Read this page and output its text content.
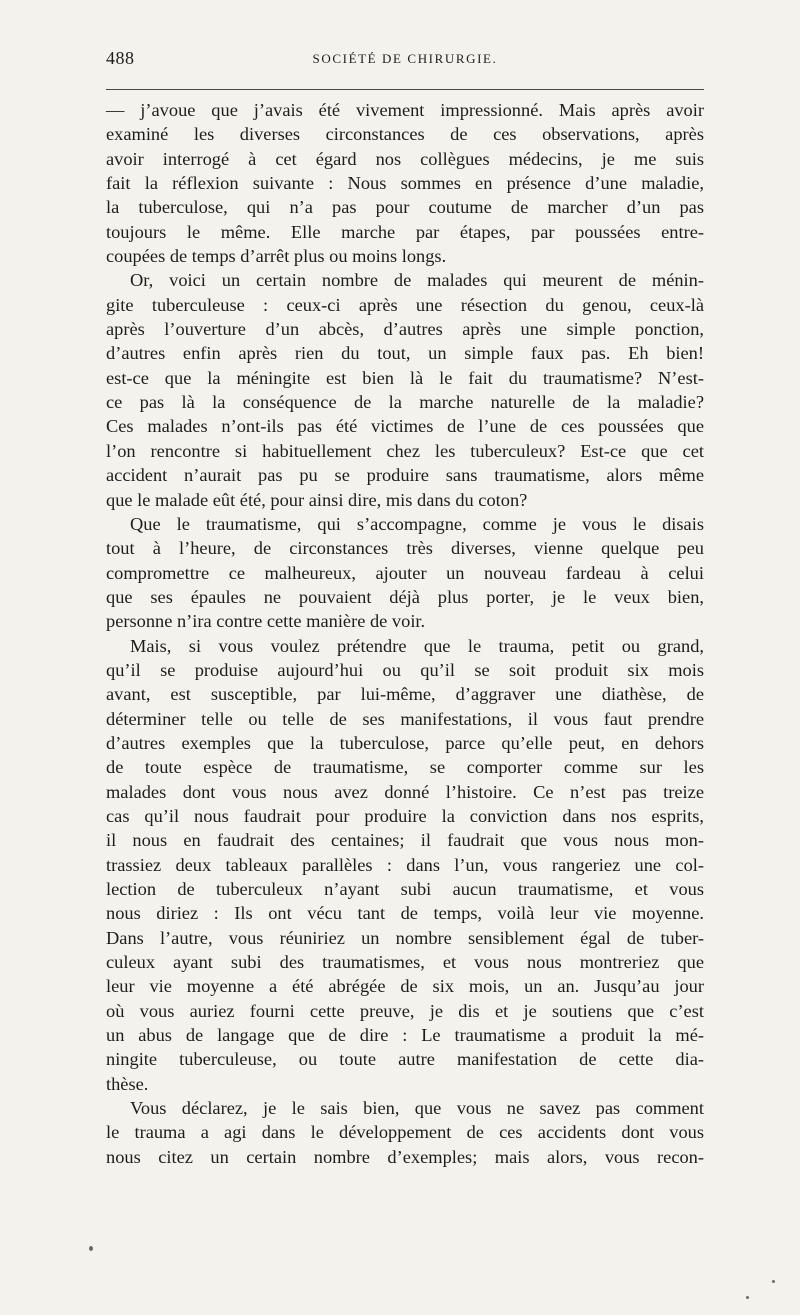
488	SOCIÉTÉ DE CHIRURGIE.
— j’avoue que j’avais été vivement impressionné. Mais après avoir
examiné les diverses circonstances de ces observations, après
avoir interrogé à cet égard nos collègues médecins, je me suis
fait la réflexion suivante : Nous sommes en présence d’une maladie,
la tuberculose, qui n’a pas pour coutume de marcher d’un pas
toujours le même. Elle marche par étapes, par poussées entre-
coupées de temps d’arrêt plus ou moins longs.
Or, voici un certain nombre de malades qui meurent de ménin-
gite tuberculeuse : ceux-ci après une résection du genou, ceux-là
après l’ouverture d’un abcès, d’autres après une simple ponction,
d’autres enfin après rien du tout, un simple faux pas. Eh bien!
est-ce que la méningite est bien là le fait du traumatisme? N’est-
ce pas là la conséquence de la marche naturelle de la maladie?
Ces malades n’ont-ils pas été victimes de l’une de ces poussées que
l’on rencontre si habituellement chez les tuberculeux? Est-ce que cet
accident n’aurait pas pu se produire sans traumatisme, alors même
que le malade eût été, pour ainsi dire, mis dans du coton?
Que le traumatisme, qui s’accompagne, comme je vous le disais
tout à l’heure, de circonstances très diverses, vienne quelque peu
compromettre ce malheureux, ajouter un nouveau fardeau à celui
que ses épaules ne pouvaient déjà plus porter, je le veux bien,
personne n’ira contre cette manière de voir.
Mais, si vous voulez prétendre que le trauma, petit ou grand,
qu’il se produise aujourd’hui ou qu’il se soit produit six mois
avant, est susceptible, par lui-même, d’aggraver une diathèse, de
déterminer telle ou telle de ses manifestations, il vous faut prendre
d’autres exemples que la tuberculose, parce qu’elle peut, en dehors
de toute espèce de traumatisme, se comporter comme sur les
malades dont vous nous avez donné l’histoire. Ce n’est pas treize
cas qu’il nous faudrait pour produire la conviction dans nos esprits,
il nous en faudrait des centaines; il faudrait que vous nous mon-
trassiez deux tableaux parallèles : dans l’un, vous rangeriez une col-
lection de tuberculeux n’ayant subi aucun traumatisme, et vous
nous diriez : Ils ont vécu tant de temps, voilà leur vie moyenne.
Dans l’autre, vous réuniriez un nombre sensiblement égal de tuber-
culeux ayant subi des traumatismes, et vous nous montreriez que
leur vie moyenne a été abrégée de six mois, un an. Jusqu’au jour
où vous auriez fourni cette preuve, je dis et je soutiens que c’est
un abus de langage que de dire : Le traumatisme a produit la mé-
ningite tuberculeuse, ou toute autre manifestation de cette dia-
thèse.
Vous déclarez, je le sais bien, que vous ne savez pas comment
le trauma a agi dans le développement de ces accidents dont vous
nous citez un certain nombre d’exemples; mais alors, vous recon-
